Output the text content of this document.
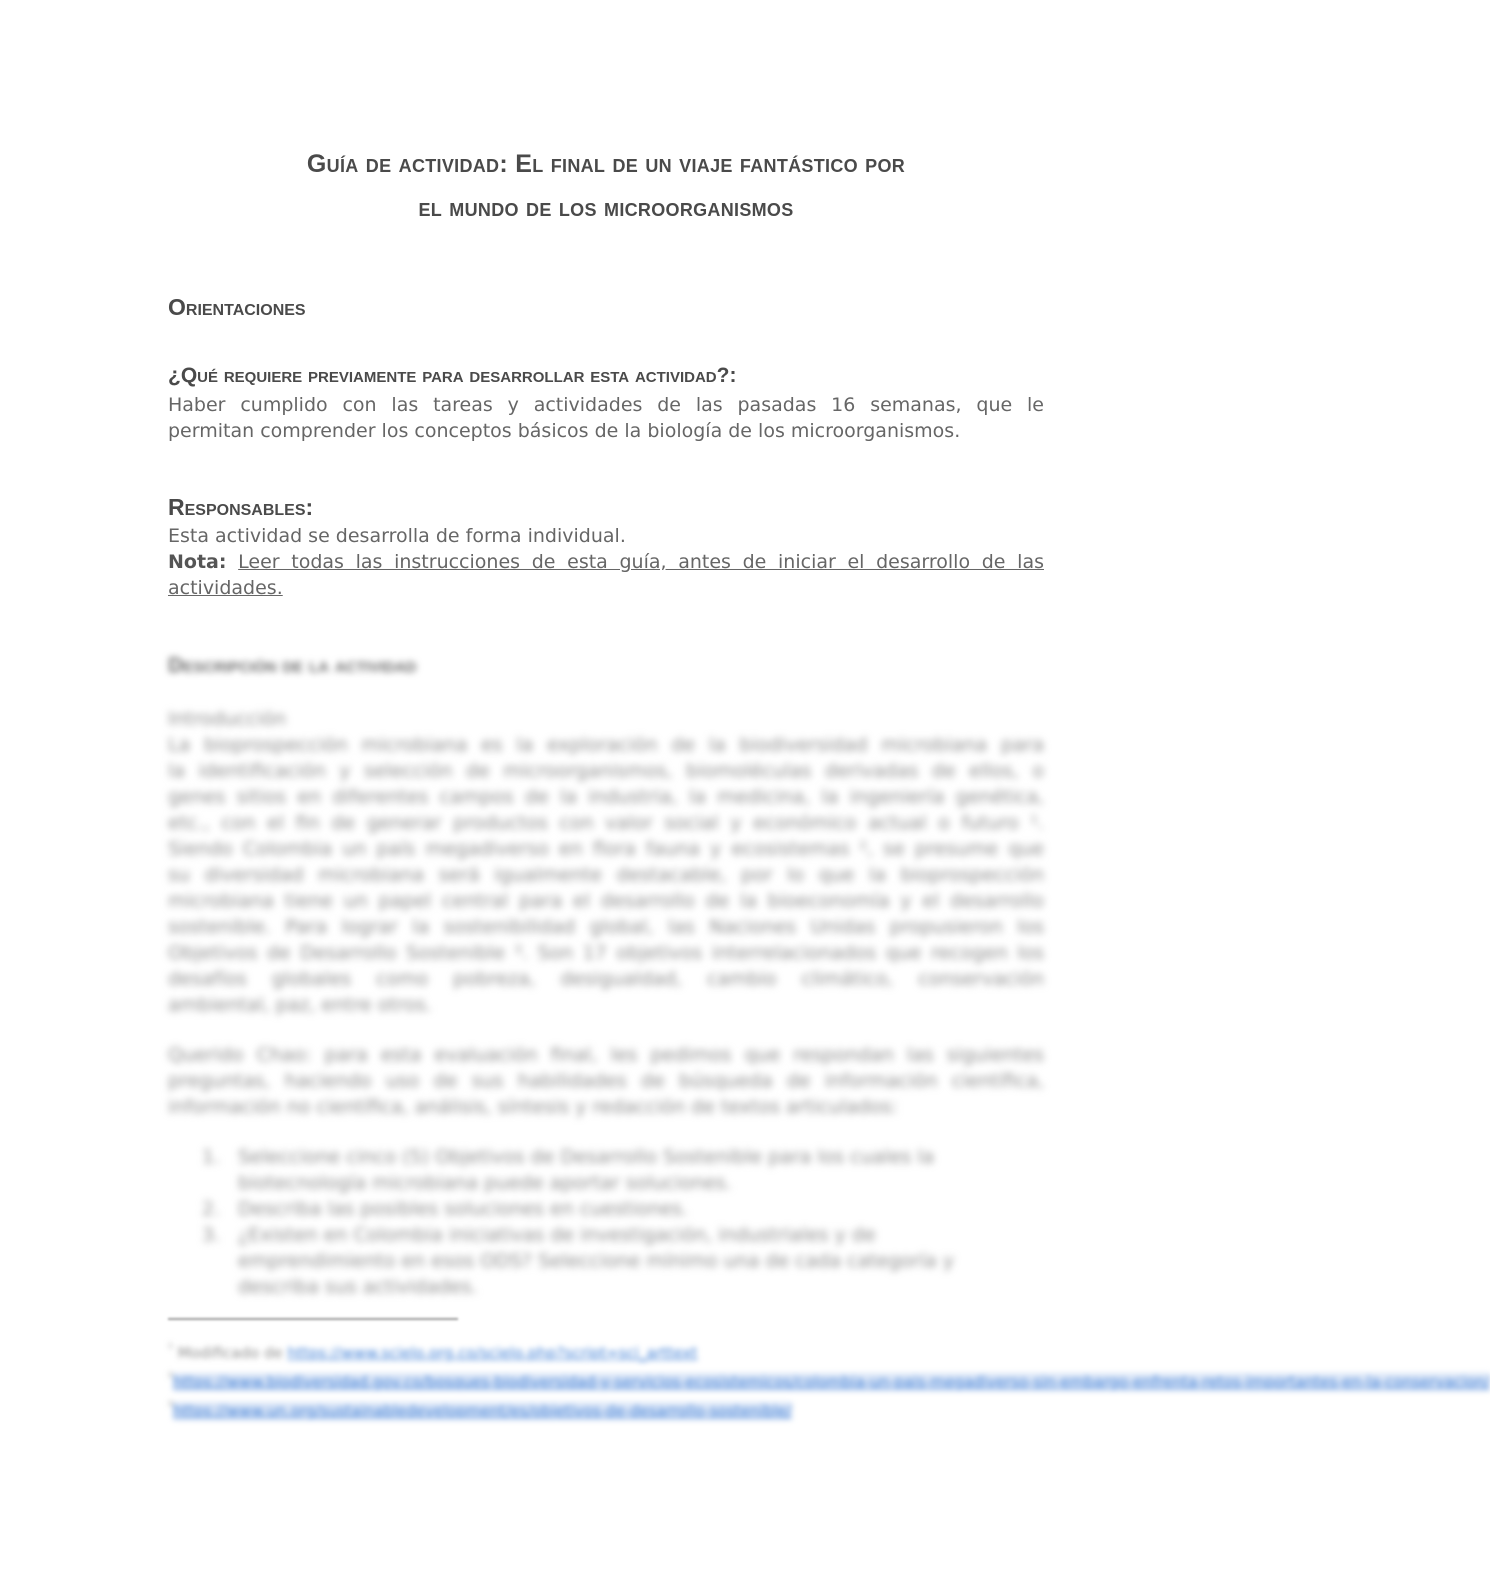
Guía de actividad: El final de un viaje fantástico por
el mundo de los microorganismos
Orientaciones
¿Qué requiere previamente para desarrollar esta actividad?:
Haber cumplido con las tareas y actividades de las pasadas 16 semanas, que le
permitan comprender los conceptos básicos de la biología de los microorganismos.
Responsables:
Esta actividad se desarrolla de forma individual.
Nota: Leer todas las instrucciones de esta guía, antes de iniciar el desarrollo de las
actividades.
Descripción de la actividad
Introducción
La bioprospección microbiana es la exploración de la biodiversidad microbiana para
la identificación y selección de microorganismos, biomoléculas derivadas de ellos, o
genes sitios en diferentes campos de la industria, la medicina, la ingeniería genética,
etc., con el fin de generar productos con valor social y económico actual o futuro ¹.
Siendo Colombia un país megadiverso en flora fauna y ecosistemas ², se presume que
su diversidad microbiana será igualmente destacable, por lo que la bioprospección
microbiana tiene un papel central para el desarrollo de la bioeconomía y el desarrollo
sostenible. Para lograr la sostenibilidad global, las Naciones Unidas propusieron los
Objetivos de Desarrollo Sostenible ³. Son 17 objetivos interrelacionados que recogen los
desafíos globales como pobreza, desigualdad, cambio climático, conservación
ambiental, paz, entre otros.
Querido Chao: para esta evaluación final, les pedimos que respondan las siguientes
preguntas, haciendo uso de sus habilidades de búsqueda de información científica,
información no científica, análisis, síntesis y redacción de textos articulados:
1. Seleccione cinco (5) Objetivos de Desarrollo Sostenible para los cuales la
biotecnología microbiana puede aportar soluciones.
2. Describa las posibles soluciones en cuestiones.
3. ¿Existen en Colombia iniciativas de investigación, industriales y de
emprendimiento en esos ODS? Seleccione mínimo una de cada categoría y
describa sus actividades.
$^{^1}$ Modificado de https://www.scielo.org.co/scielo.php?script=sci_arttext
$^{^2}$https://www.biodiversidad.gov.co/bosques-biodiversidad-y-servicios-ecosistemicos/colombia-un-pais-megadiverso-sin-embargo-enfrenta-retos-importantes-en-la-conservacion/
$^{^3}$https://www.un.org/sustainabledevelopment/es/objetivos-de-desarrollo-sostenible/
